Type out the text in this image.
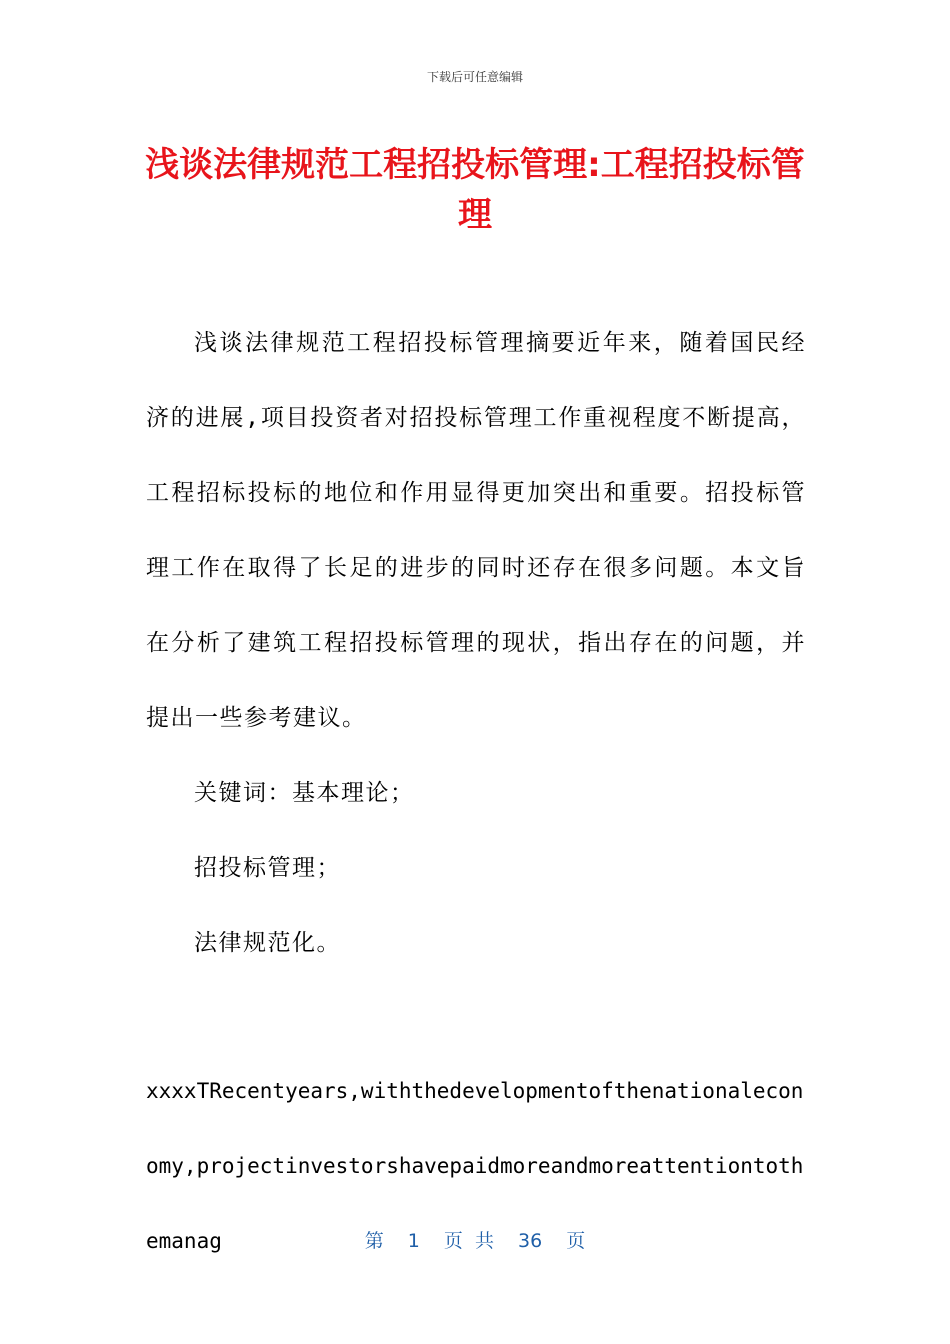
下载后可任意编辑
浅谈法律规范工程招投标管理:工程招投标管理

浅谈法律规范工程招投标管理摘要近年来，随着国民经济的进展,项目投资者对招投标管理工作重视程度不断提高，工程招标投标的地位和作用显得更加突出和重要。招投标管理工作在取得了长足的进步的同时还存在很多问题。本文旨在分析了建筑工程招投标管理的现状，指出存在的问题，并提出一些参考建议。

关键词：基本理论；

招投标管理；

法律规范化。

xxxxTRecentyears,withthedevelopmentofthenationaleconomy,projectinvestorshavepaidmoreandmoreattentiontothemanag	第 1 页 共 36 页
